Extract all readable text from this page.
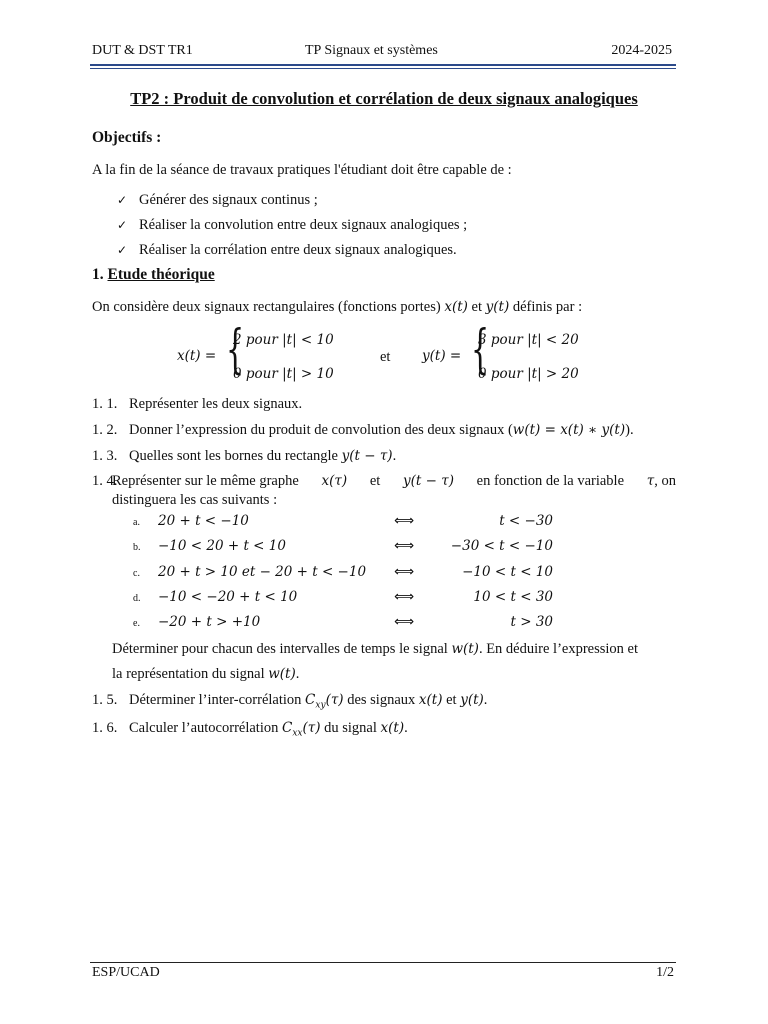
DUT & DST TR1	TP Signaux et systèmes	2024-2025
TP2 : Produit de convolution et corrélation de deux signaux analogiques
Objectifs :
A la fin de la séance de travaux pratiques l'étudiant doit être capable de :
✓ Générer des signaux continus ;
✓ Réaliser la convolution entre deux signaux analogiques ;
✓ Réaliser la corrélation entre deux signaux analogiques.
1. Etude théorique
On considère deux signaux rectangulaires (fonctions portes) x(t) et y(t) définis par :
x(t) = {
2 pour |t| < 10
0 pour |t| > 10
et y(t) = {
3 pour |t| < 20
0 pour |t| > 20
1. 1. Représenter les deux signaux.
1. 2. Donner l’expression du produit de convolution des deux signaux (w(t) = x(t) ∗ y(t)).
1. 3. Quelles sont les bornes du rectangle y(t − τ).
1. 4.
Représenter sur le même graphe x(τ) et y(t − τ) en fonction de la variable τ, on
distinguera les cas suivants :
a. 20 + t < −10	⟺	t < −30
b. −10 < 20 + t < 10	⟺	−30 < t < −10
c. 20 + t > 10 et − 20 + t < −10 ⟺	−10 < t < 10
d. −10 < −20 + t < 10	⟺	10 < t < 30
e. −20 + t > +10	⟺	t > 30
Déterminer pour chacun des intervalles de temps le signal w(t). En déduire l’expression et
la représentation du signal w(t).
1. 5. Déterminer l’inter-corrélation $C_{xy}(\tau)$ des signaux x(t) et y(t).
1. 6. Calculer l’autocorrélation $C_{xx}(\tau)$ du signal x(t).
ESP/UCAD	1/2
